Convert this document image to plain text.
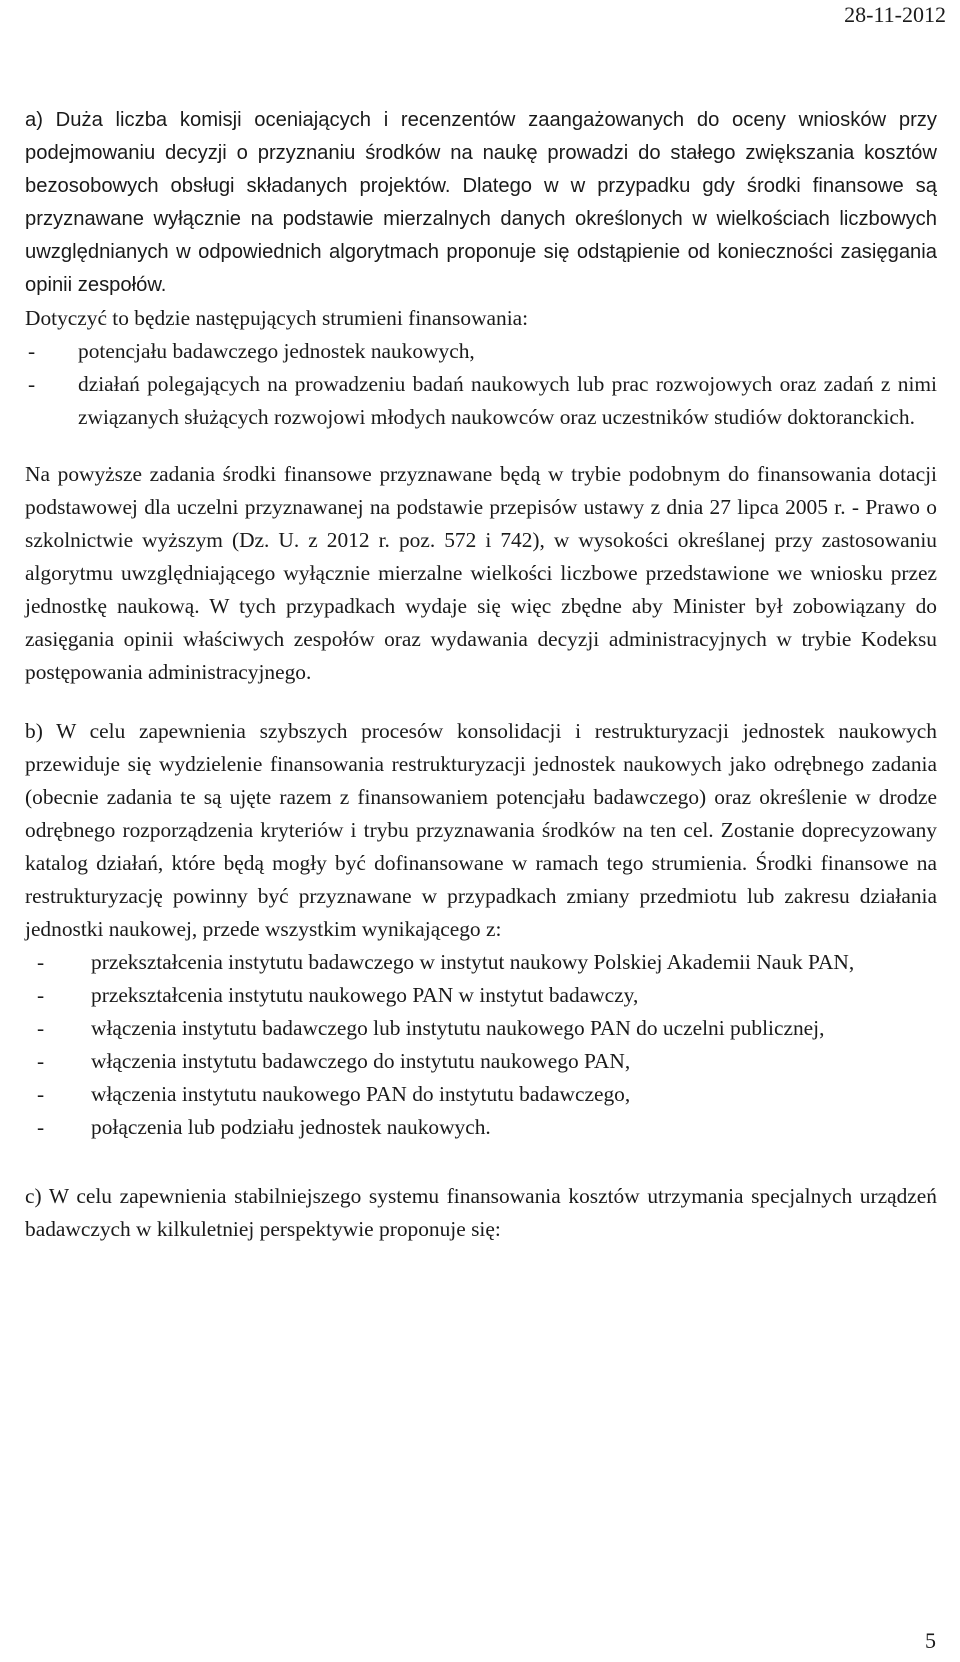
28-11-2012

a) Duża liczba komisji oceniających i recenzentów zaangażowanych do oceny wniosków przy podejmowaniu decyzji o przyznaniu środków na naukę prowadzi do stałego zwiększania kosztów bezosobowych obsługi składanych projektów. Dlatego w w przypadku gdy środki finansowe są przyznawane wyłącznie na podstawie mierzalnych danych określonych w wielkościach liczbowych uwzględnianych w odpowiednich algorytmach proponuje się odstąpienie od konieczności zasięgania opinii zespołów.

Dotyczyć to będzie następujących strumieni finansowania:

- potencjału badawczego jednostek naukowych,
- działań polegających na prowadzeniu badań naukowych lub prac rozwojowych oraz zadań z nimi związanych służących rozwojowi młodych naukowców oraz uczestników studiów doktoranckich.

Na powyższe zadania środki finansowe przyznawane będą w trybie podobnym do finansowania dotacji podstawowej dla uczelni przyznawanej na podstawie przepisów ustawy z dnia 27 lipca 2005 r. - Prawo o szkolnictwie wyższym (Dz. U. z 2012 r. poz. 572 i 742), w wysokości określanej przy zastosowaniu algorytmu uwzględniającego wyłącznie mierzalne wielkości liczbowe przedstawione we wniosku przez jednostkę naukową. W tych przypadkach wydaje się więc zbędne aby Minister był zobowiązany do zasięgania opinii właściwych zespołów oraz wydawania decyzji administracyjnych w trybie Kodeksu postępowania administracyjnego.

b) W celu zapewnienia szybszych procesów konsolidacji i restrukturyzacji jednostek naukowych przewiduje się wydzielenie finansowania restrukturyzacji jednostek naukowych jako odrębnego zadania (obecnie zadania te są ujęte razem z finansowaniem potencjału badawczego) oraz określenie w drodze odrębnego rozporządzenia kryteriów i trybu przyznawania środków na ten cel. Zostanie doprecyzowany katalog działań, które będą mogły być dofinansowane w ramach tego strumienia. Środki finansowe na restrukturyzację powinny być przyznawane w przypadkach zmiany przedmiotu lub zakresu działania jednostki naukowej, przede wszystkim wynikającego z:

- przekształcenia instytutu badawczego w instytut naukowy Polskiej Akademii Nauk PAN,
- przekształcenia instytutu naukowego PAN w instytut badawczy,
- włączenia instytutu badawczego lub instytutu naukowego PAN do uczelni publicznej,
- włączenia instytutu badawczego do instytutu naukowego PAN,
- włączenia instytutu naukowego PAN do instytutu badawczego,
- połączenia lub podziału jednostek naukowych.

c) W celu zapewnienia stabilniejszego systemu finansowania kosztów utrzymania specjalnych urządzeń badawczych w kilkuletniej perspektywie proponuje się:

5
